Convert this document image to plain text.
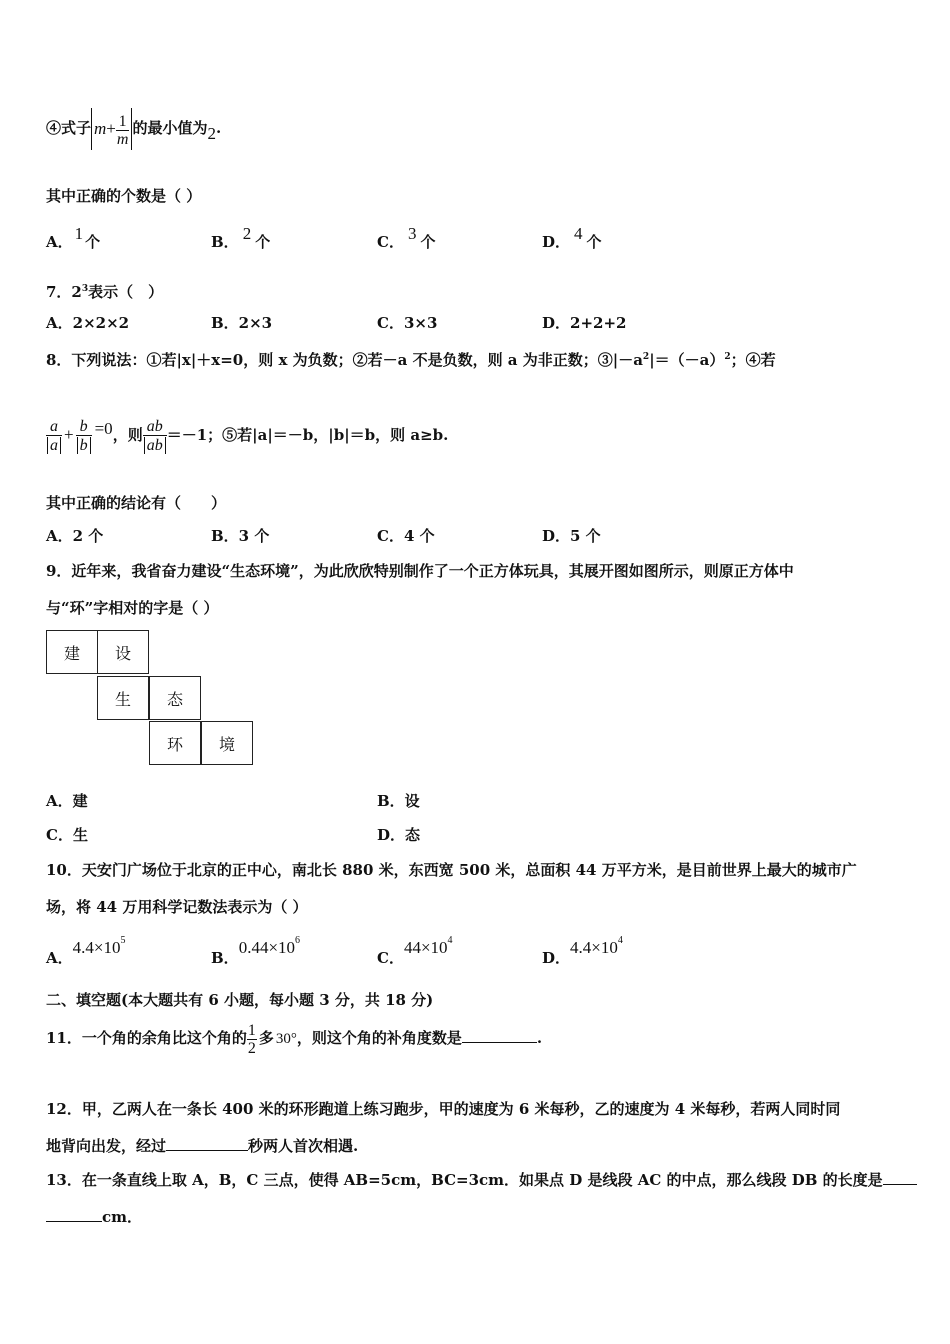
④式子 $m+ \frac{1}{m}$ 的最小值为2.
其中正确的个数是（ ）
A． 1 个	B． 2 个	C． 3 个	D． 4 个
7．$2^3$表示（　）
A．2×2×2	B．2×3	C．3×3	D．2+2+2
8．下列说法：①若|x|＋x=0，则 x 为负数；②若－a 不是负数，则 a 为非正数；$③|-a^2|=(-a)^2$；④若
$\frac{a}{a} + \frac{b}{b} =0$，则 $\frac{ab}{ab} =-1$；⑤若|a|＝－b，|b|＝b，则 a≥b.
其中正确的结论有（　　）
A．2 个	B．3 个	C．4 个	D．5 个
9．近年来，我省奋力建设“生态环境”，为此欣欣特别制作了一个正方体玩具，其展开图如图所示，则原正方体中
与“环”字相对的字是（ ）
建	设
生	态
环	境
A．建	B．设
C．生	D．态
10．天安门广场位于北京的正中心，南北长 880 米，东西宽 500 米，总面积 44 万平方米，是目前世界上最大的城市广
场，将 44 万用科学记数法表示为（ ）
A．$4.4\times 10^5$
B．$0.44\times 10^6$
C．$44\times 10^4$
D．$4.4\times 10^4$
二、填空题(本大题共有 6 小题，每小题 3 分，共 18 分)
11．一个角的余角比这个角的 $\frac{1}{2}$ 多 30°，则这个角的补角度数是	.
12．甲，乙两人在一条长 400 米的环形跑道上练习跑步，甲的速度为 6 米每秒，乙的速度为 4 米每秒，若两人同时同
地背向出发，经过	秒两人首次相遇.
13．在一条直线上取 A，B，C 三点，使得 AB=5cm，BC=3cm．如果点 D 是线段 AC 的中点，那么线段 DB 的长度是
cm．
